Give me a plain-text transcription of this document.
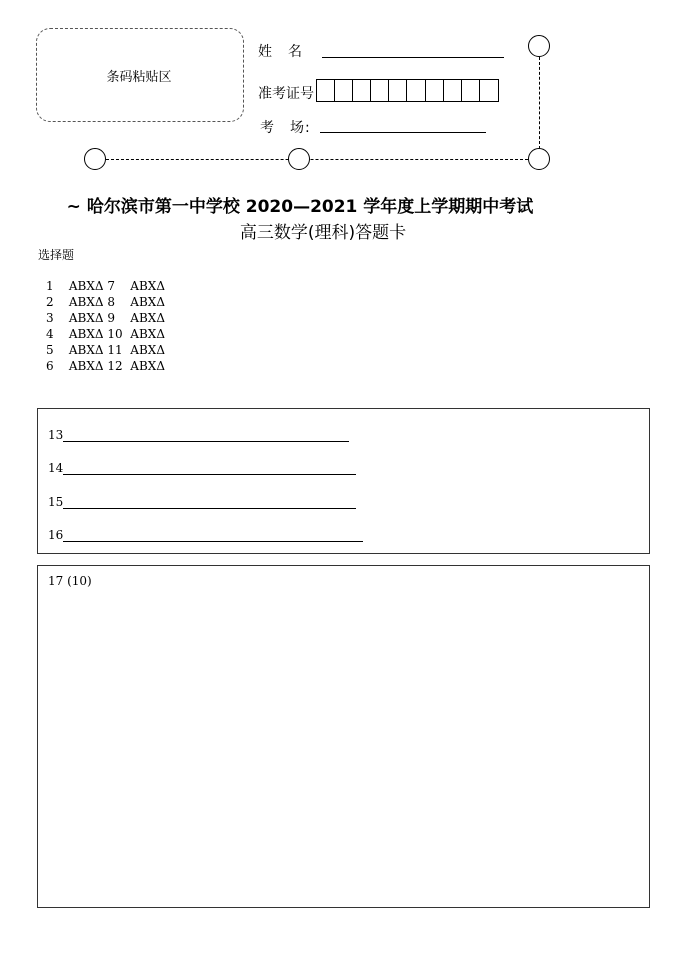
条码粘贴区
姓　名
准考证号
考　场:
~ 哈尔滨市第一中学校 2020—2021 学年度上学期期中考试
高三数学(理科)答题卡
选择题
1    ABXΔ 7    ABXΔ
2    ABXΔ 8    ABXΔ
3    ABXΔ 9    ABXΔ
4    ABXΔ 10  ABXΔ
5    ABXΔ 11  ABXΔ
6    ABXΔ 12  ABXΔ
13
14
15
16
17 (10)
